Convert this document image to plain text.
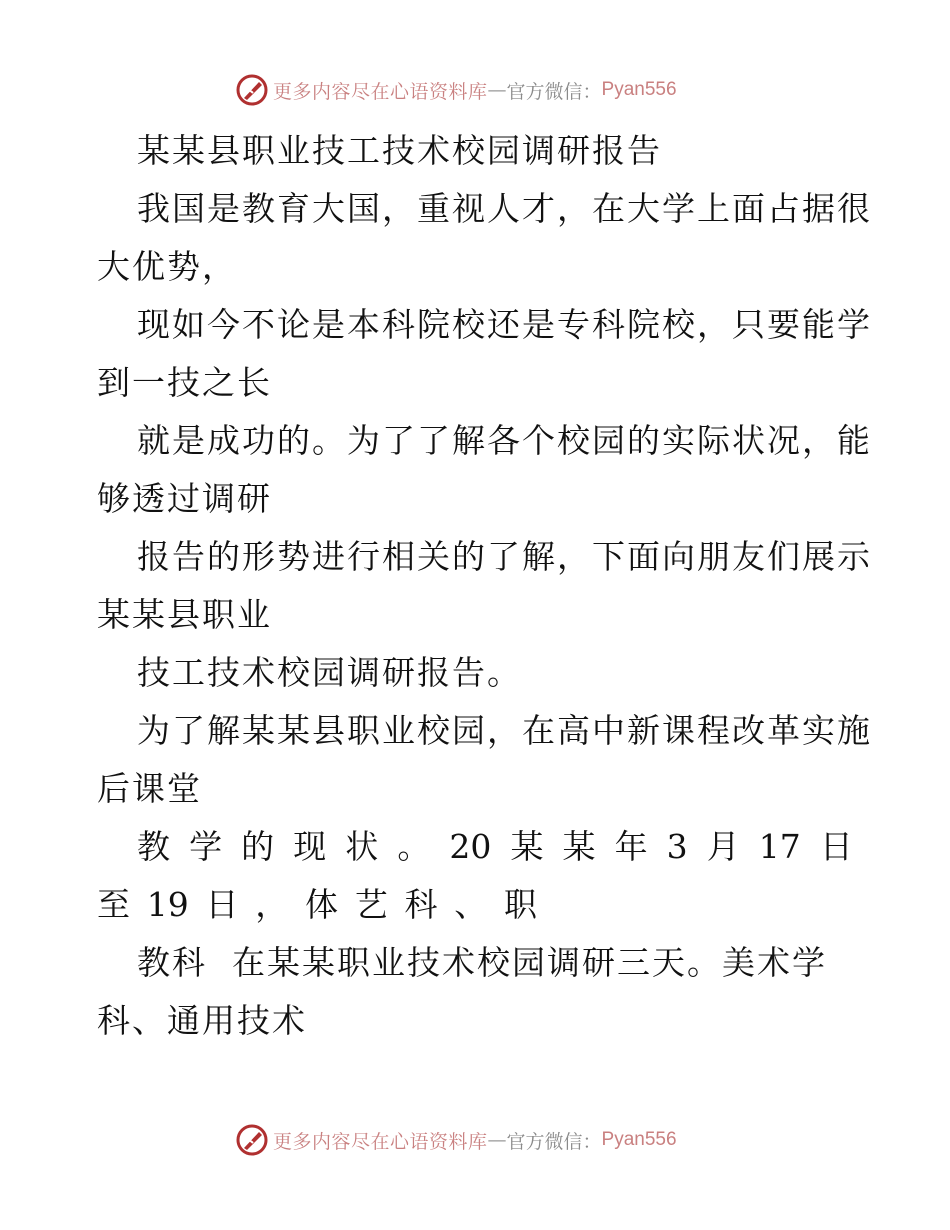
更多内容尽在心语资料库 — 官方微信： Pyan556
某某县职业技工技术校园调研报告
我国是教育大国，重视人才，在大学上面占据很
大优势，
现如今不论是本科院校还是专科院校，只要能学
到一技之长
就是成功的。为了了解各个校园的实际状况，能
够透过调研
报告的形势进行相关的了解，下面向朋友们展示
某某县职业
技工技术校园调研报告。
为了解某某县职业校园，在高中新课程改革实施
后课堂
教 学 的 现 状 。 20 某 某 年 3 月 17 日
至 19 日 ， 体 艺 科 、 职
教科  在某某职业技术校园调研三天。美术学
科、通用技术
更多内容尽在心语资料库 — 官方微信： Pyan556
